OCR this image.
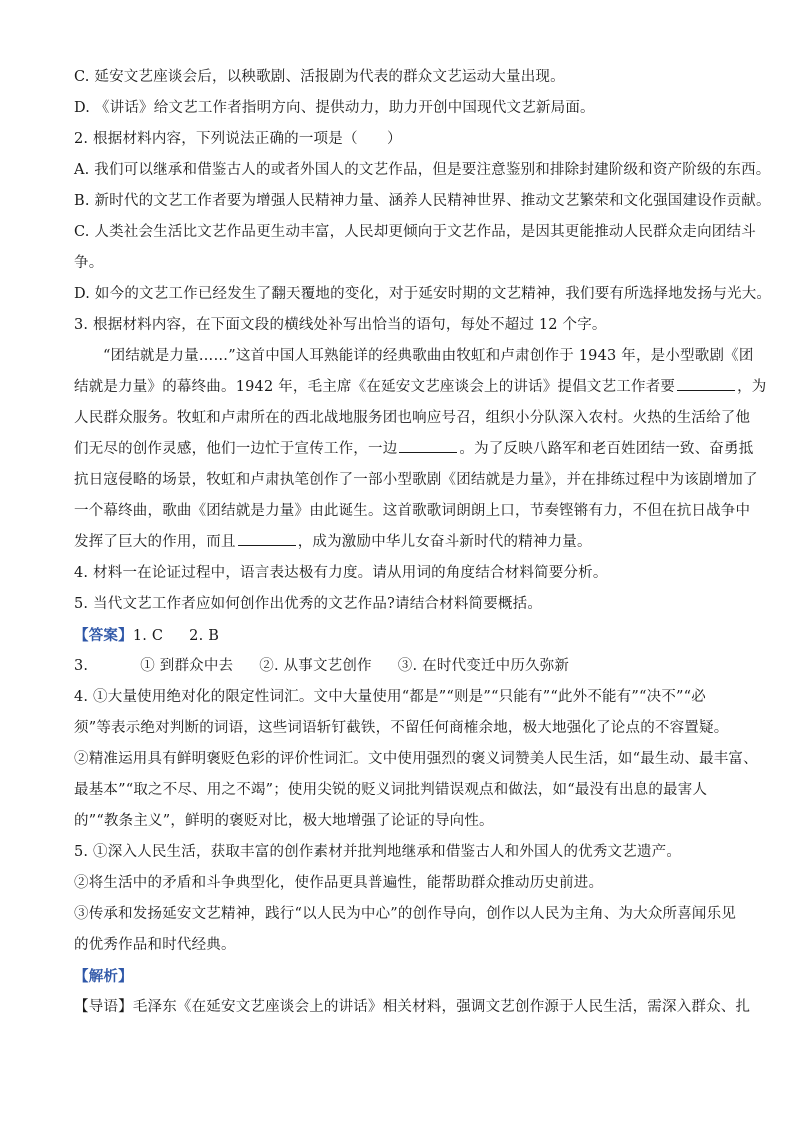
C. 延安文艺座谈会后，以秧歌剧、活报剧为代表的群众文艺运动大量出现。
D. 《讲话》给文艺工作者指明方向、提供动力，助力开创中国现代文艺新局面。
2. 根据材料内容，下列说法正确的一项是（　　）
A. 我们可以继承和借鉴古人的或者外国人的文艺作品，但是要注意鉴别和排除封建阶级和资产阶级的东西。
B. 新时代的文艺工作者要为增强人民精神力量、涵养人民精神世界、推动文艺繁荣和文化强国建设作贡献。
C. 人类社会生活比文艺作品更生动丰富，人民却更倾向于文艺作品，是因其更能推动人民群众走向团结斗
争。
D. 如今的文艺工作已经发生了翻天覆地的变化，对于延安时期的文艺精神，我们要有所选择地发扬与光大。
3. 根据材料内容，在下面文段的横线处补写出恰当的语句，每处不超过 12 个字。
“团结就是力量……”这首中国人耳熟能详的经典歌曲由牧虹和卢肃创作于 1943 年，是小型歌剧《团
结就是力量》的幕终曲。1942 年，毛主席《在延安文艺座谈会上的讲话》提倡文艺工作者要	，为
人民群众服务。牧虹和卢肃所在的西北战地服务团也响应号召，组织小分队深入农村。火热的生活给了他
们无尽的创作灵感，他们一边忙于宣传工作，一边	。为了反映八路军和老百姓团结一致、奋勇抵
抗日寇侵略的场景，牧虹和卢肃执笔创作了一部小型歌剧《团结就是力量》，并在排练过程中为该剧增加了
一个幕终曲，歌曲《团结就是力量》由此诞生。这首歌歌词朗朗上口，节奏铿锵有力，不但在抗日战争中
发挥了巨大的作用，而且	，成为激励中华儿女奋斗新时代的精神力量。
4. 材料一在论证过程中，语言表达极有力度。请从用词的角度结合材料简要分析。
5. 当代文艺工作者应如何创作出优秀的文艺作品?请结合材料简要概括。
【答案】1. C 2. B
3.	① 到群众中去 ②. 从事文艺创作 ③. 在时代变迁中历久弥新
4. ①大量使用绝对化的限定性词汇。文中大量使用“都是”“则是”“只能有”“此外不能有”“决不”“必
须”等表示绝对判断的词语，这些词语斩钉截铁，不留任何商榷余地，极大地强化了论点的不容置疑。
②精准运用具有鲜明褒贬色彩的评价性词汇。文中使用强烈的褒义词赞美人民生活，如“最生动、最丰富、
最基本”“取之不尽、用之不竭”；使用尖锐的贬义词批判错误观点和做法，如“最没有出息的最害人
的”“教条主义”，鲜明的褒贬对比，极大地增强了论证的导向性。
5. ①深入人民生活，获取丰富的创作素材并批判地继承和借鉴古人和外国人的优秀文艺遗产。
②将生活中的矛盾和斗争典型化，使作品更具普遍性，能帮助群众推动历史前进。
③传承和发扬延安文艺精神，践行“以人民为中心”的创作导向，创作以人民为主角、为大众所喜闻乐见
的优秀作品和时代经典。
【解析】
【导语】毛泽东《在延安文艺座谈会上的讲话》相关材料，强调文艺创作源于人民生活，需深入群众、扎
